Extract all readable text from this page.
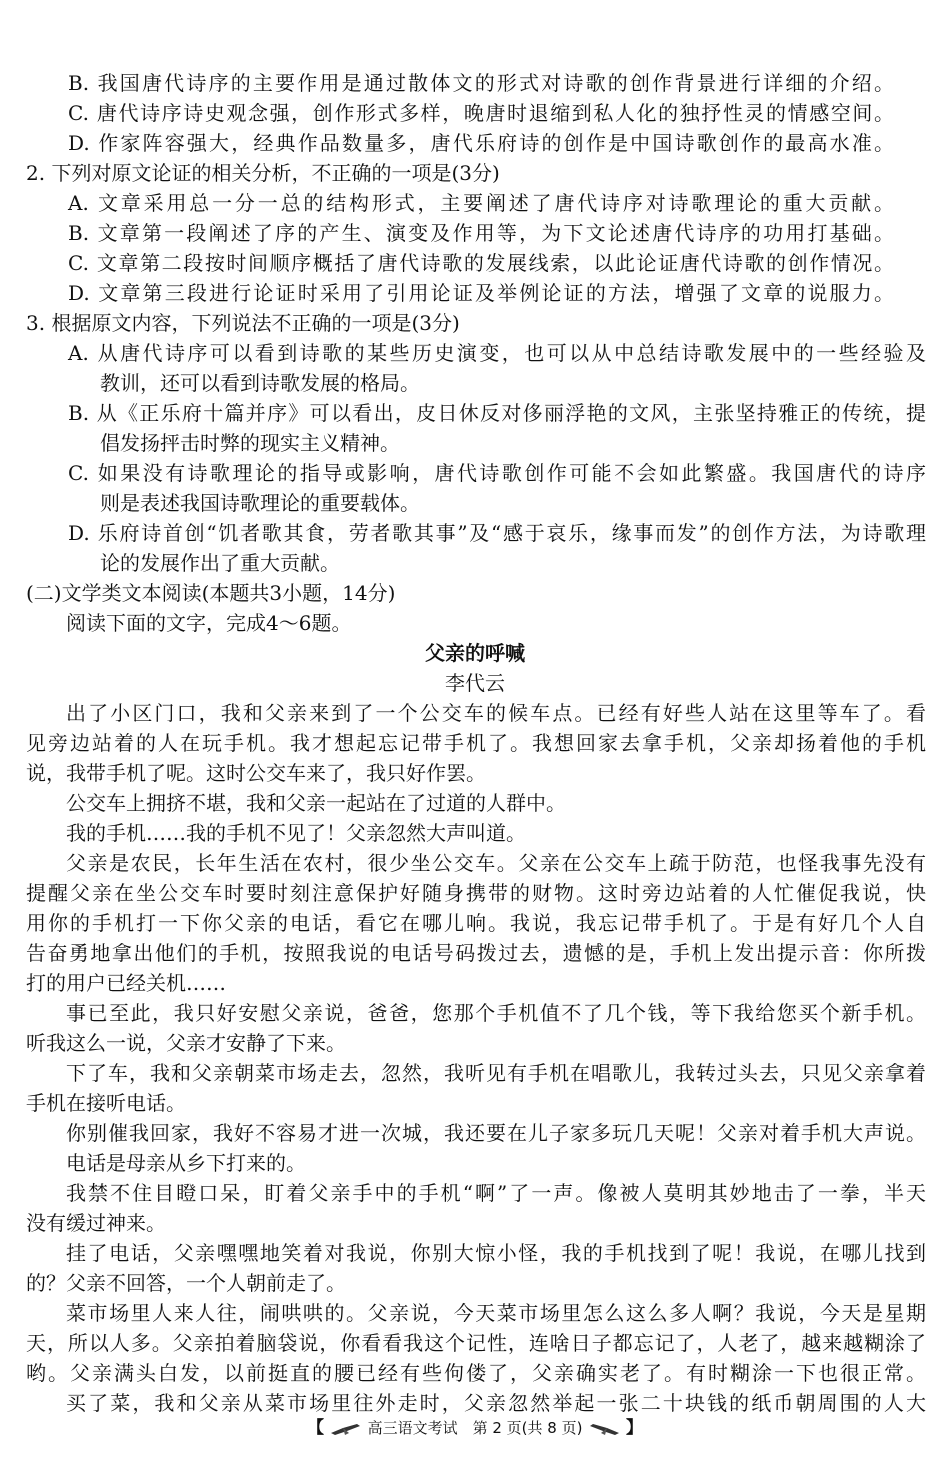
B. 我国唐代诗序的主要作用是通过散体文的形式对诗歌的创作背景进行详细的介绍。
C. 唐代诗序诗史观念强，创作形式多样，晚唐时退缩到私人化的独抒性灵的情感空间。
D. 作家阵容强大，经典作品数量多，唐代乐府诗的创作是中国诗歌创作的最高水准。
2. 下列对原文论证的相关分析，不正确的一项是(3分)
A. 文章采用总一分一总的结构形式，主要阐述了唐代诗序对诗歌理论的重大贡献。
B. 文章第一段阐述了序的产生、演变及作用等，为下文论述唐代诗序的功用打基础。
C. 文章第二段按时间顺序概括了唐代诗歌的发展线索，以此论证唐代诗歌的创作情况。
D. 文章第三段进行论证时采用了引用论证及举例论证的方法，增强了文章的说服力。
3. 根据原文内容，下列说法不正确的一项是(3分)
A. 从唐代诗序可以看到诗歌的某些历史演变，也可以从中总结诗歌发展中的一些经验及
教训，还可以看到诗歌发展的格局。
B. 从《正乐府十篇并序》可以看出，皮日休反对侈丽浮艳的文风，主张坚持雅正的传统，提
倡发扬抨击时弊的现实主义精神。
C. 如果没有诗歌理论的指导或影响，唐代诗歌创作可能不会如此繁盛。我国唐代的诗序
则是表述我国诗歌理论的重要载体。
D. 乐府诗首创“饥者歌其食，劳者歌其事”及“感于哀乐，缘事而发”的创作方法，为诗歌理
论的发展作出了重大贡献。
(二)文学类文本阅读(本题共3小题，14分)
阅读下面的文字，完成4～6题。
父亲的呼喊
李代云
出了小区门口，我和父亲来到了一个公交车的候车点。已经有好些人站在这里等车了。看
见旁边站着的人在玩手机。我才想起忘记带手机了。我想回家去拿手机，父亲却扬着他的手机
说，我带手机了呢。这时公交车来了，我只好作罢。
公交车上拥挤不堪，我和父亲一起站在了过道的人群中。
我的手机……我的手机不见了！父亲忽然大声叫道。
父亲是农民，长年生活在农村，很少坐公交车。父亲在公交车上疏于防范，也怪我事先没有
提醒父亲在坐公交车时要时刻注意保护好随身携带的财物。这时旁边站着的人忙催促我说，快
用你的手机打一下你父亲的电话，看它在哪儿响。我说，我忘记带手机了。于是有好几个人自
告奋勇地拿出他们的手机，按照我说的电话号码拨过去，遗憾的是，手机上发出提示音：你所拨
打的用户已经关机……
事已至此，我只好安慰父亲说，爸爸，您那个手机值不了几个钱，等下我给您买个新手机。
听我这么一说，父亲才安静了下来。
下了车，我和父亲朝菜市场走去，忽然，我听见有手机在唱歌儿，我转过头去，只见父亲拿着
手机在接听电话。
你别催我回家，我好不容易才进一次城，我还要在儿子家多玩几天呢！父亲对着手机大声说。
电话是母亲从乡下打来的。
我禁不住目瞪口呆，盯着父亲手中的手机“啊”了一声。像被人莫明其妙地击了一拳，半天
没有缓过神来。
挂了电话，父亲嘿嘿地笑着对我说，你别大惊小怪，我的手机找到了呢！我说，在哪儿找到
的？父亲不回答，一个人朝前走了。
菜市场里人来人往，闹哄哄的。父亲说，今天菜市场里怎么这么多人啊？我说，今天是星期
天，所以人多。父亲拍着脑袋说，你看看我这个记性，连啥日子都忘记了，人老了，越来越糊涂了
哟。父亲满头白发，以前挺直的腰已经有些佝偻了，父亲确实老了。有时糊涂一下也很正常。
买了菜，我和父亲从菜市场里往外走时，父亲忽然举起一张二十块钱的纸币朝周围的人大
【	高三语文考试　第 2 页(共 8 页)	】
